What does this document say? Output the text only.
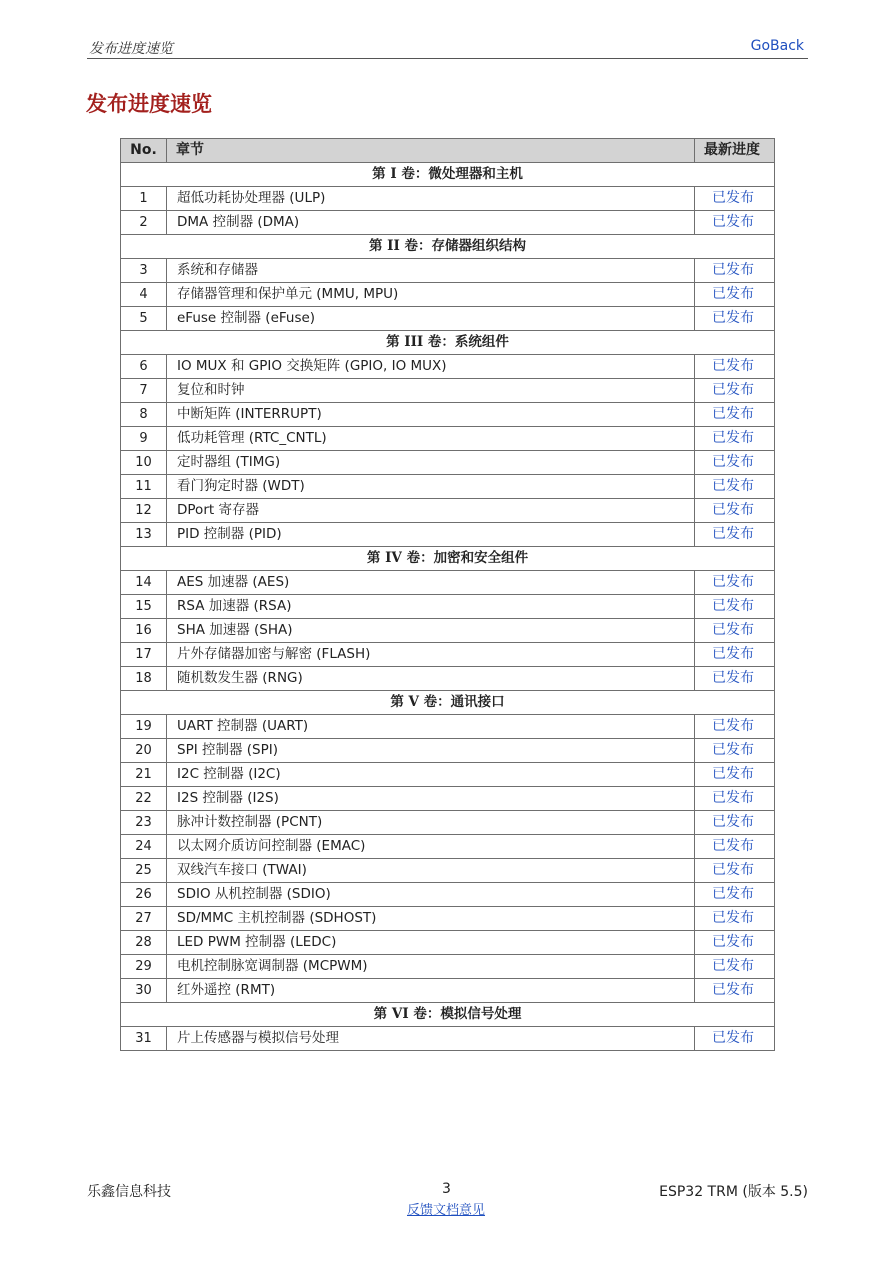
发布进度速览	GoBack
发布进度速览
No.	章节	最新进度
第 I 卷：微处理器和主机		
1	超低功耗协处理器 (ULP)	已发布
2	DMA 控制器 (DMA)	已发布
第 II 卷：存储器组织结构		
3	系统和存储器	已发布
4	存储器管理和保护单元 (MMU, MPU)	已发布
5	eFuse 控制器 (eFuse)	已发布
第 III 卷：系统组件		
6	IO MUX 和 GPIO 交换矩阵 (GPIO, IO MUX)	已发布
7	复位和时钟	已发布
8	中断矩阵 (INTERRUPT)	已发布
9	低功耗管理 (RTC_CNTL)	已发布
10	定时器组 (TIMG)	已发布
11	看门狗定时器 (WDT)	已发布
12	DPort 寄存器	已发布
13	PID 控制器 (PID)	已发布
第 IV 卷：加密和安全组件		
14	AES 加速器 (AES)	已发布
15	RSA 加速器 (RSA)	已发布
16	SHA 加速器 (SHA)	已发布
17	片外存储器加密与解密 (FLASH)	已发布
18	随机数发生器 (RNG)	已发布
第 V 卷：通讯接口		
19	UART 控制器 (UART)	已发布
20	SPI 控制器 (SPI)	已发布
21	I2C 控制器 (I2C)	已发布
22	I2S 控制器 (I2S)	已发布
23	脉冲计数控制器 (PCNT)	已发布
24	以太网介质访问控制器 (EMAC)	已发布
25	双线汽车接口 (TWAI)	已发布
26	SDIO 从机控制器 (SDIO)	已发布
27	SD/MMC 主机控制器 (SDHOST)	已发布
28	LED PWM 控制器 (LEDC)	已发布
29	电机控制脉宽调制器 (MCPWM)	已发布
30	红外遥控 (RMT)	已发布
第 VI 卷：模拟信号处理		
31	片上传感器与模拟信号处理	已发布
乐鑫信息科技	3	ESP32 TRM (版本 5.5)
反馈文档意见
